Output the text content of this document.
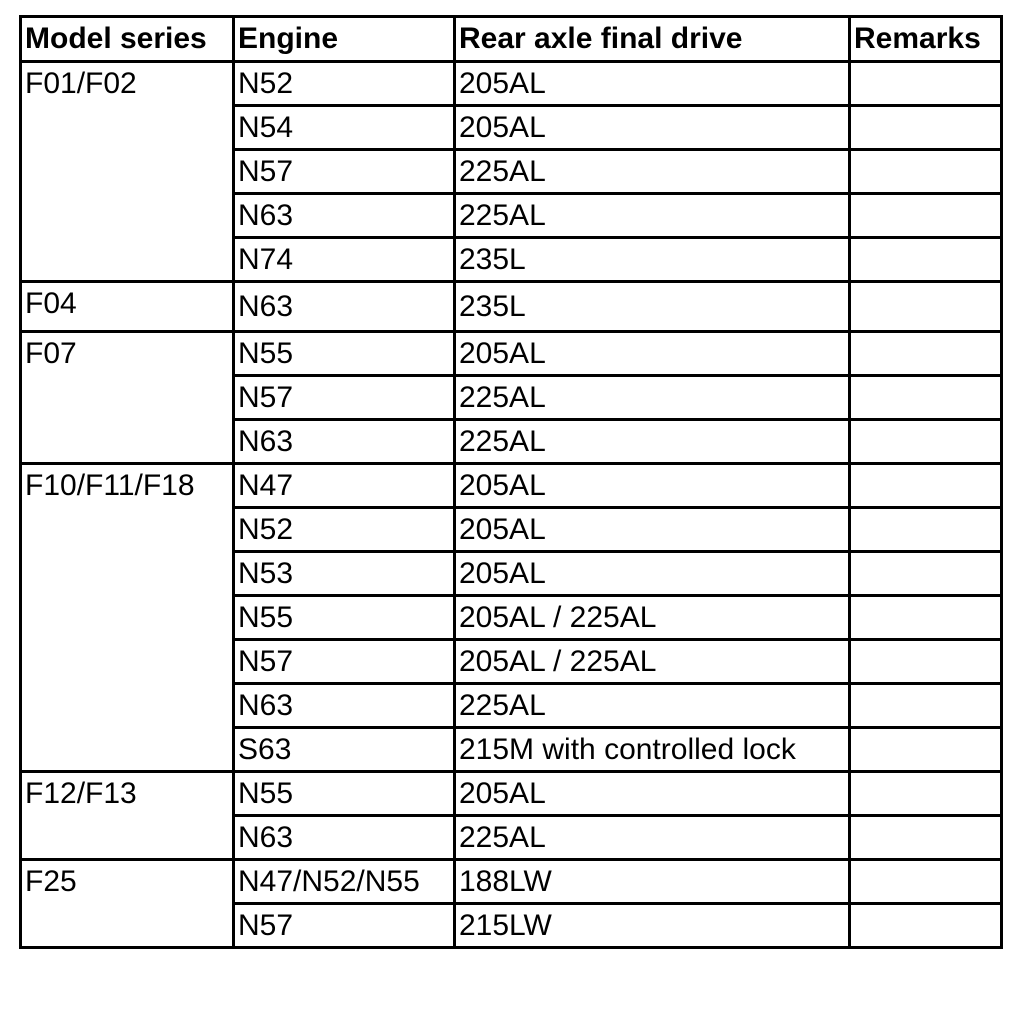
Model series	Engine	Rear axle final drive	Remarks
F01/F02	N52	205AL	
	N54	205AL	
	N57	225AL	
	N63	225AL	
	N74	235L	
F04	N63	235L	
F07	N55	205AL	
	N57	225AL	
	N63	225AL	
F10/F11/F18	N47	205AL	
	N52	205AL	
	N53	205AL	
	N55	205AL / 225AL	
	N57	205AL / 225AL	
	N63	225AL	
	S63	215M with controlled lock	
F12/F13	N55	205AL	
	N63	225AL	
F25	N47/N52/N55	188LW	
	N57	215LW	
